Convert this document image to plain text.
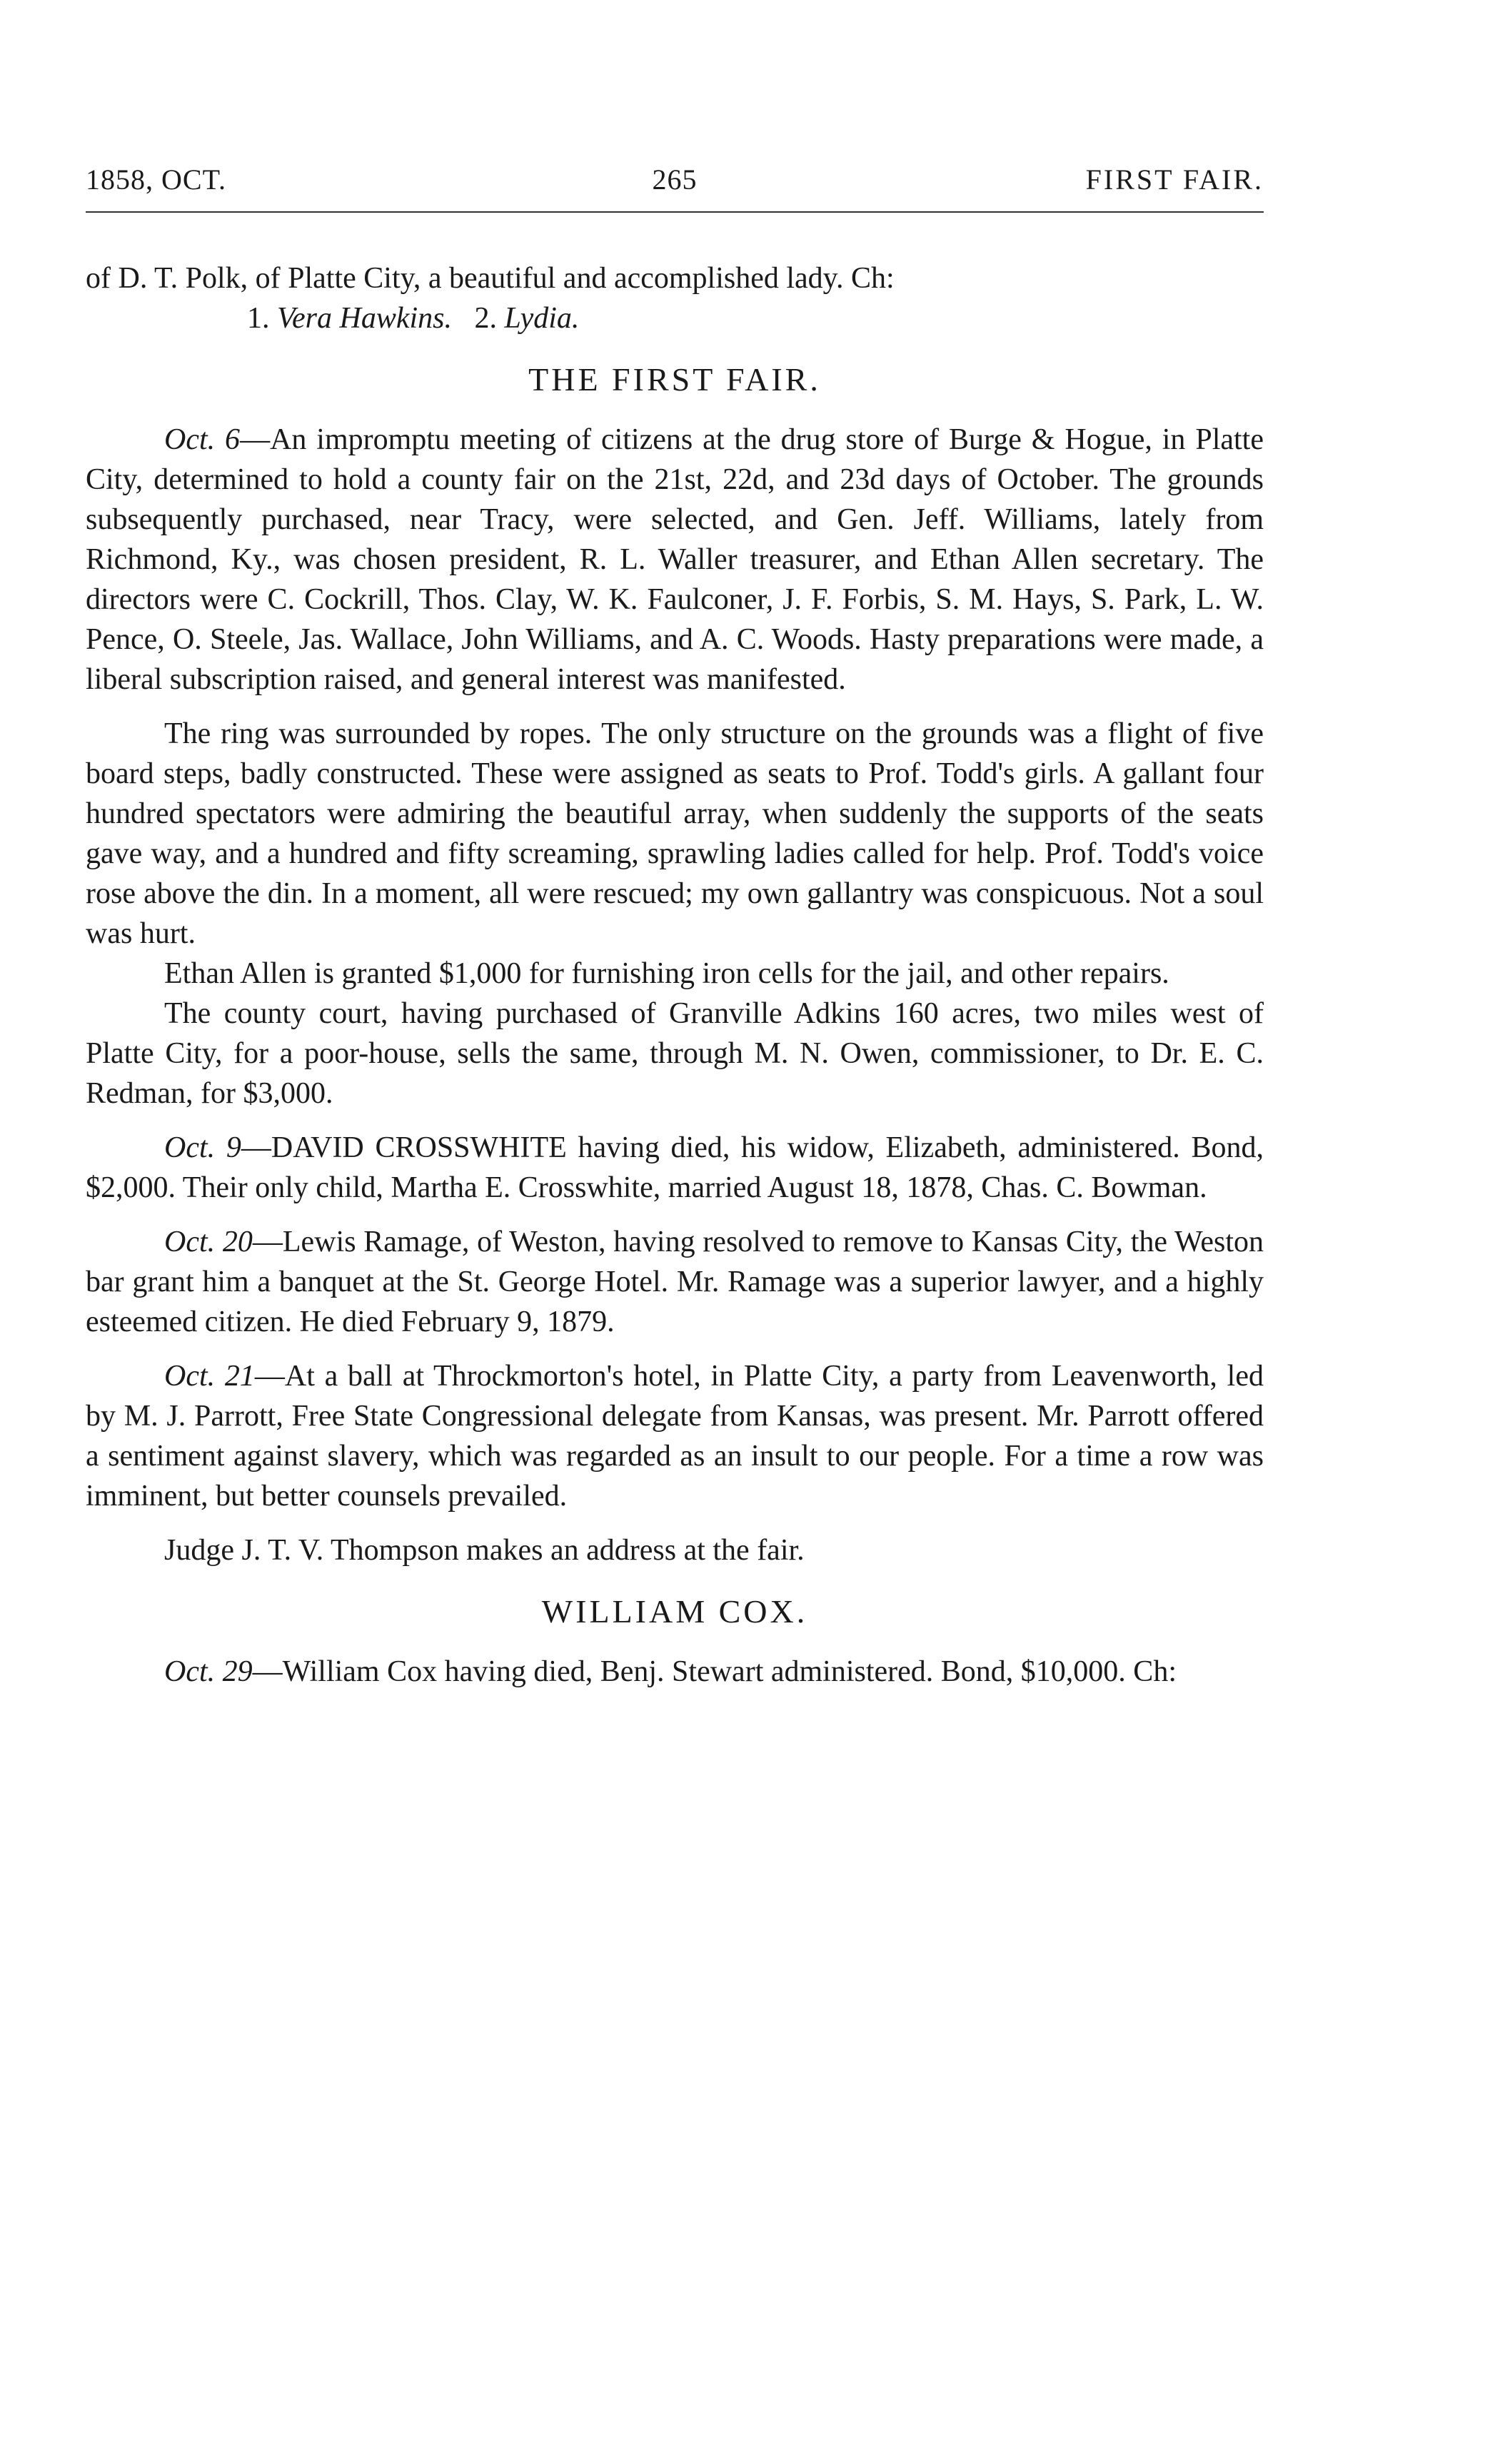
1858, OCT.	265	FIRST FAIR.

of D. T. Polk, of Platte City, a beautiful and accomplished lady. Ch:

1. Vera Hawkins. 2. Lydia.

THE FIRST FAIR.

Oct. 6—An impromptu meeting of citizens at the drug store of Burge & Hogue, in Platte City, determined to hold a county fair on the 21st, 22d, and 23d days of October. The grounds subsequently purchased, near Tracy, were selected, and Gen. Jeff. Williams, lately from Richmond, Ky., was chosen president, R. L. Waller treasurer, and Ethan Allen secretary. The directors were C. Cockrill, Thos. Clay, W. K. Faulconer, J. F. Forbis, S. M. Hays, S. Park, L. W. Pence, O. Steele, Jas. Wallace, John Williams, and A. C. Woods. Hasty preparations were made, a liberal subscription raised, and general interest was manifested.

The ring was surrounded by ropes. The only structure on the grounds was a flight of five board steps, badly constructed. These were assigned as seats to Prof. Todd's girls. A gallant four hundred spectators were admiring the beautiful array, when suddenly the supports of the seats gave way, and a hundred and fifty screaming, sprawling ladies called for help. Prof. Todd's voice rose above the din. In a moment, all were rescued; my own gallantry was conspicuous. Not a soul was hurt.

Ethan Allen is granted $1,000 for furnishing iron cells for the jail, and other repairs.

The county court, having purchased of Granville Adkins 160 acres, two miles west of Platte City, for a poor-house, sells the same, through M. N. Owen, commissioner, to Dr. E. C. Redman, for $3,000.

Oct. 9—DAVID CROSSWHITE having died, his widow, Elizabeth, administered. Bond, $2,000. Their only child, Martha E. Crosswhite, married August 18, 1878, Chas. C. Bowman.

Oct. 20—Lewis Ramage, of Weston, having resolved to remove to Kansas City, the Weston bar grant him a banquet at the St. George Hotel. Mr. Ramage was a superior lawyer, and a highly esteemed citizen. He died February 9, 1879.

Oct. 21—At a ball at Throckmorton's hotel, in Platte City, a party from Leavenworth, led by M. J. Parrott, Free State Congressional delegate from Kansas, was present. Mr. Parrott offered a sentiment against slavery, which was regarded as an insult to our people. For a time a row was imminent, but better counsels prevailed.

Judge J. T. V. Thompson makes an address at the fair.

WILLIAM COX.

Oct. 29—William Cox having died, Benj. Stewart administered. Bond, $10,000. Ch:
